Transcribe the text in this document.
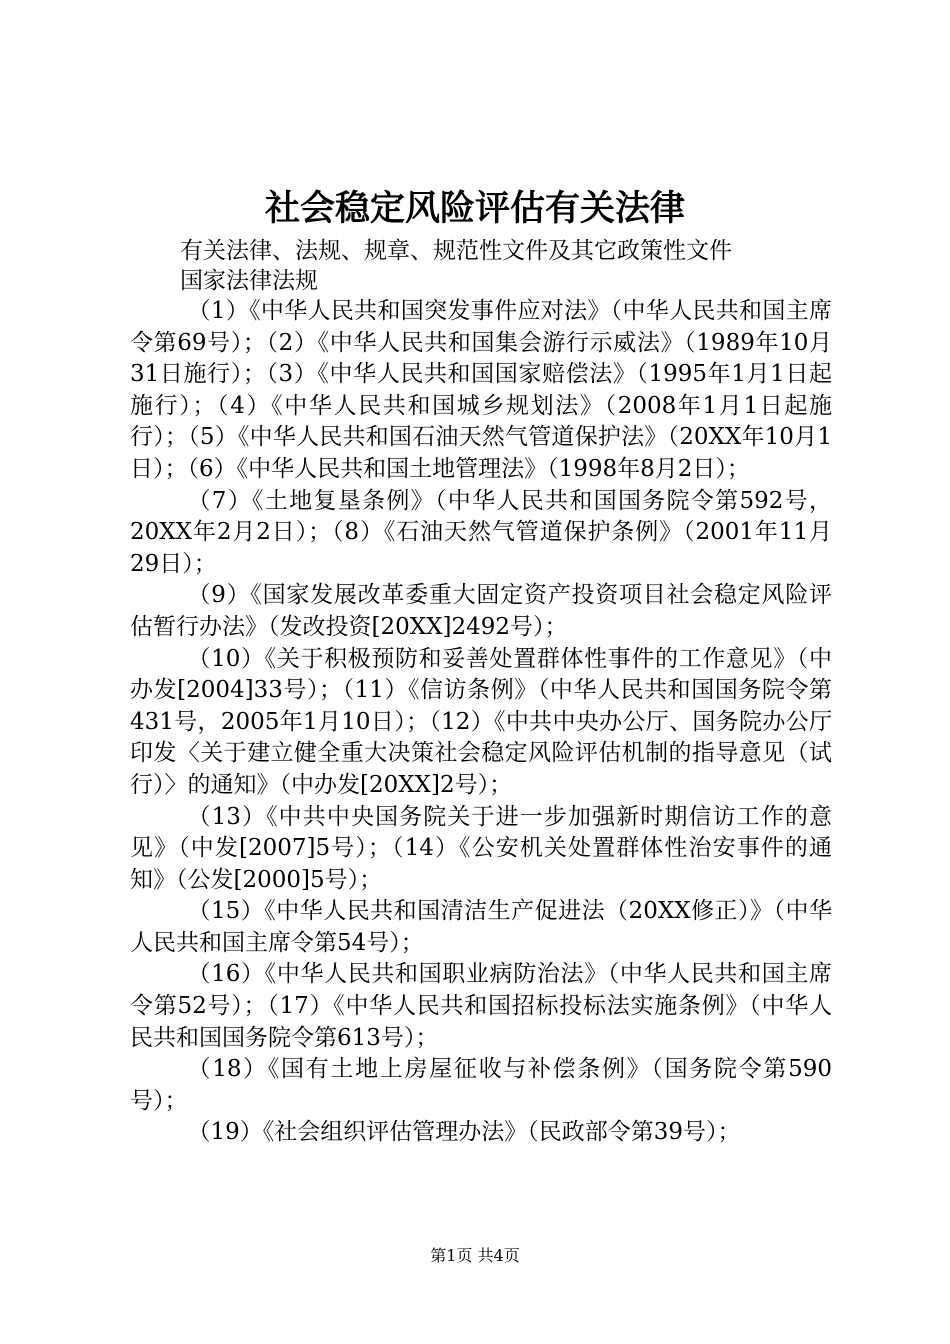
社会稳定风险评估有关法律
有关法律、法规、规章、规范性文件及其它政策性文件
国家法律法规

（1）《中华人民共和国突发事件应对法》（中华人民共和国主席令第69号）；（2）《中华人民共和国集会游行示威法》（1989年10月31日施行）；（3）《中华人民共和国国家赔偿法》（1995年1月1日起施行）；（4）《中华人民共和国城乡规划法》（2008年1月1日起施行）；（5）《中华人民共和国石油天然气管道保护法》（20XX年10月1日）；（6）《中华人民共和国土地管理法》（1998年8月2日）；

（7）《土地复垦条例》（中华人民共和国国务院令第592号，20XX年2月2日）；（8）《石油天然气管道保护条例》（2001年11月29日）；

（9）《国家发展改革委重大固定资产投资项目社会稳定风险评估暂行办法》（发改投资[20XX]2492号）；

（10）《关于积极预防和妥善处置群体性事件的工作意见》（中办发[2004]33号）；（11）《信访条例》（中华人民共和国国务院令第431号，2005年1月10日）；（12）《中共中央办公厅、国务院办公厅印发〈关于建立健全重大决策社会稳定风险评估机制的指导意见（试行）〉的通知》（中办发[20XX]2号）；

（13）《中共中央国务院关于进一步加强新时期信访工作的意见》（中发[2007]5号）；（14）《公安机关处置群体性治安事件的通知》（公发[2000]5号）；

（15）《中华人民共和国清洁生产促进法（20XX修正）》（中华人民共和国主席令第54号）；

（16）《中华人民共和国职业病防治法》（中华人民共和国主席令第52号）；（17）《中华人民共和国招标投标法实施条例》（中华人民共和国国务院令第613号）；

（18）《国有土地上房屋征收与补偿条例》（国务院令第590号）；

（19）《社会组织评估管理办法》（民政部令第39号）；

第1页 共4页
